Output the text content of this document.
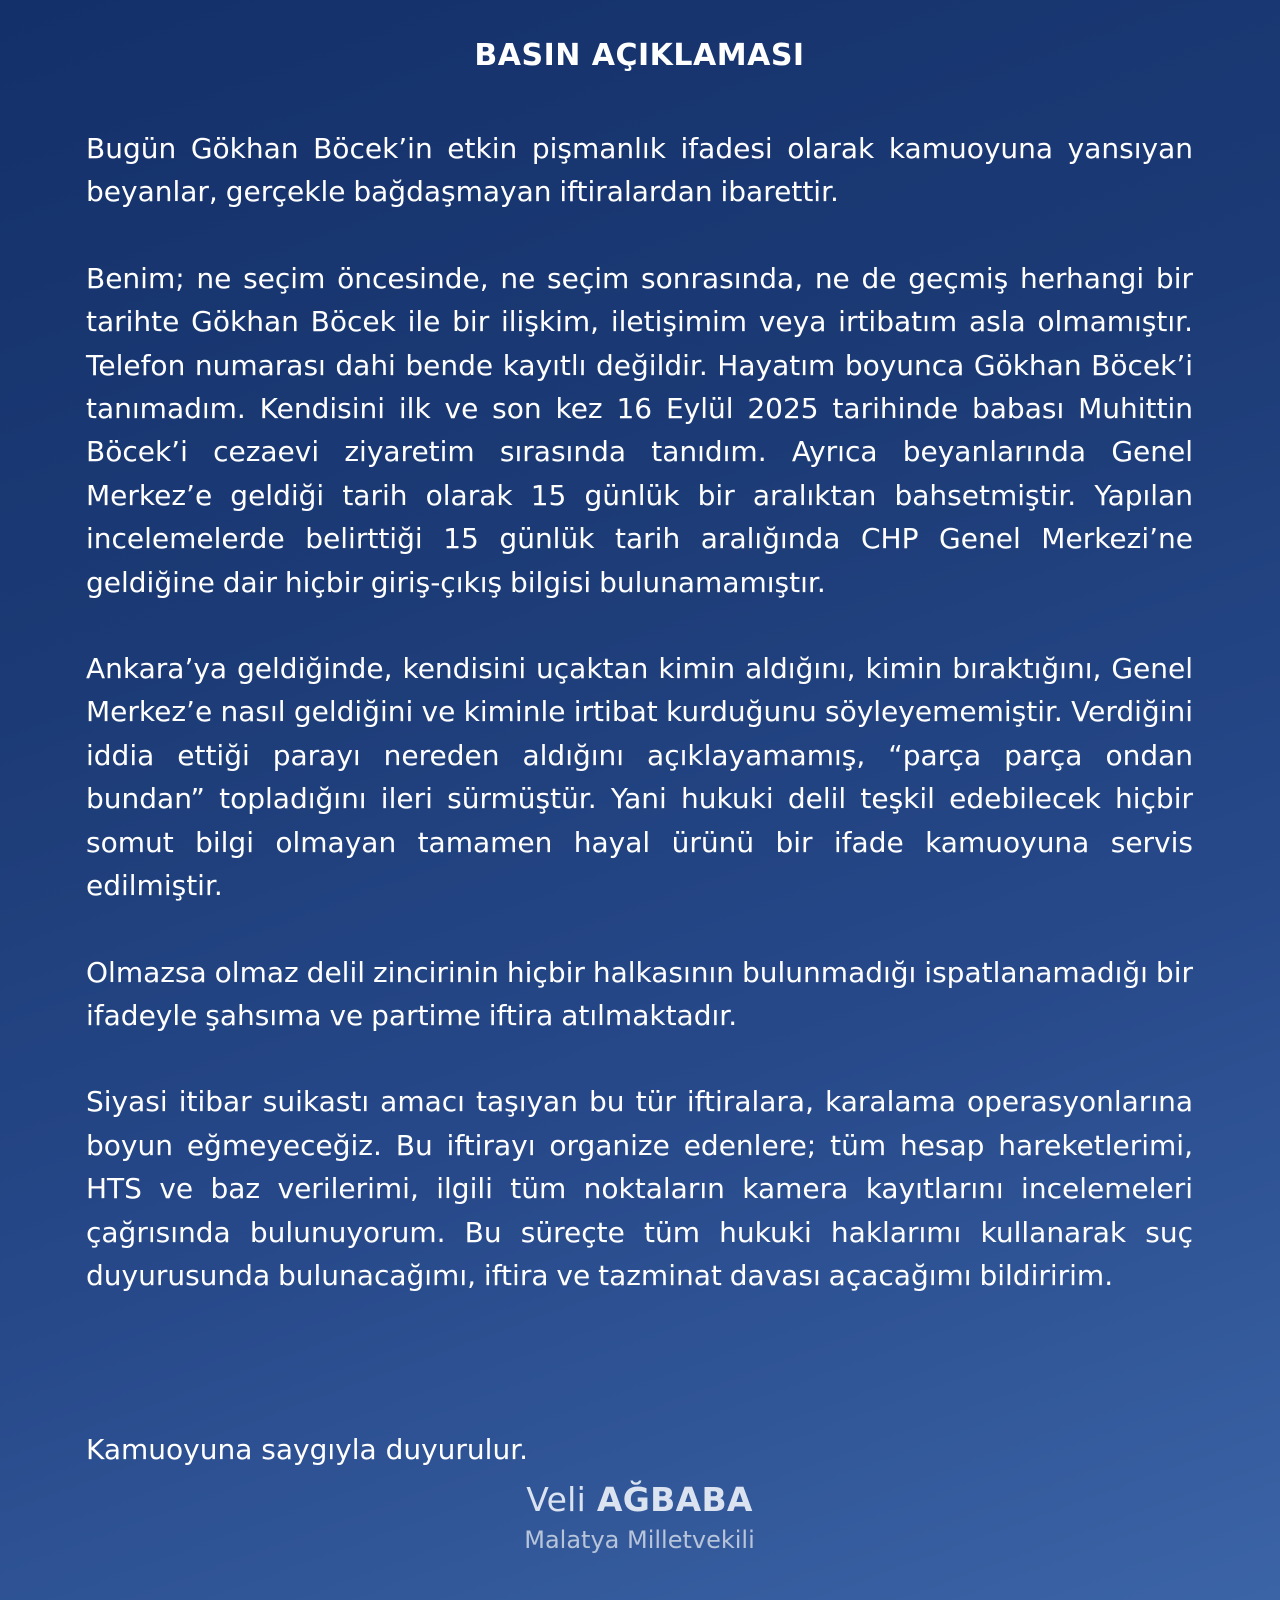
BASIN AÇIKLAMASI

Bugün Gökhan Böcek’in etkin pişmanlık ifadesi olarak kamuoyuna yansıyan beyanlar, gerçekle bağdaşmayan iftiralardan ibarettir.

Benim; ne seçim öncesinde, ne seçim sonrasında, ne de geçmiş herhangi bir tarihte Gökhan Böcek ile bir ilişkim, iletişimim veya irtibatım asla olmamıştır. Telefon numarası dahi bende kayıtlı değildir. Hayatım boyunca Gökhan Böcek’i tanımadım. Kendisini ilk ve son kez 16 Eylül 2025 tarihinde babası Muhittin Böcek’i cezaevi ziyaretim sırasında tanıdım. Ayrıca beyanlarında Genel Merkez’e geldiği tarih olarak 15 günlük bir aralıktan bahsetmiştir. Yapılan incelemelerde belirttiği 15 günlük tarih aralığında CHP Genel Merkezi’ne geldiğine dair hiçbir giriş-çıkış bilgisi bulunamamıştır.

Ankara’ya geldiğinde, kendisini uçaktan kimin aldığını, kimin bıraktığını, Genel Merkez’e nasıl geldiğini ve kiminle irtibat kurduğunu söyleyememiştir. Verdiğini iddia ettiği parayı nereden aldığını açıklayamamış, “parça parça ondan bundan” topladığını ileri sürmüştür. Yani hukuki delil teşkil edebilecek hiçbir somut bilgi olmayan tamamen hayal ürünü bir ifade kamuoyuna servis edilmiştir.

Olmazsa olmaz delil zincirinin hiçbir halkasının bulunmadığı ispatlanamadığı bir ifadeyle şahsıma ve partime iftira atılmaktadır.

Siyasi itibar suikastı amacı taşıyan bu tür iftiralara, karalama operasyonlarına boyun eğmeyeceğiz. Bu iftirayı organize edenlere; tüm hesap hareketlerimi, HTS ve baz verilerimi, ilgili tüm noktaların kamera kayıtlarını incelemeleri çağrısında bulunuyorum. Bu süreçte tüm hukuki haklarımı kullanarak suç duyurusunda bulunacağımı, iftira ve tazminat davası açacağımı bildiririm.

Kamuoyuna saygıyla duyurulur.

Veli AĞBABA

Malatya Milletvekili
